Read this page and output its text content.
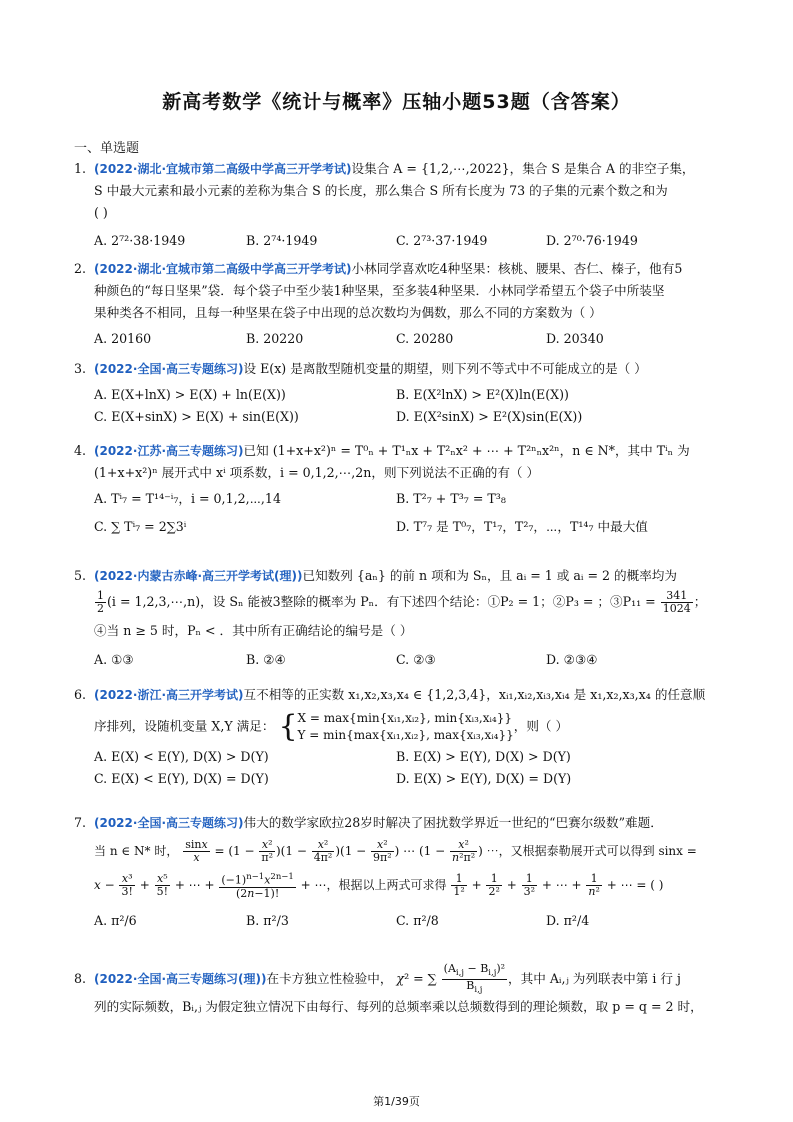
新高考数学《统计与概率》压轴小题53题（含答案）
一、单选题
1. (2022·湖北·宜城市第二高级中学高三开学考试)设集合 A = {1,2,⋯,2022}，集合 S 是集合 A 的非空子集，
S 中最大元素和最小元素的差称为集合 S 的长度，那么集合 S 所有长度为 73 的子集的元素个数之和为
( )
A. 2⁷²·38·1949	B. 2⁷⁴·1949	C. 2⁷³·37·1949	D. 2⁷⁰·76·1949
2. (2022·湖北·宜城市第二高级中学高三开学考试)小林同学喜欢吃4种坚果：核桃、腰果、杏仁、榛子，他有5
种颜色的“每日坚果”袋．每个袋子中至少装1种坚果，至多装4种坚果．小林同学希望五个袋子中所装坚
果种类各不相同，且每一种坚果在袋子中出现的总次数均为偶数，那么不同的方案数为（ ）
A. 20160	B. 20220	C. 20280	D. 20340
3. (2022·全国·高三专题练习)设 E(x) 是离散型随机变量的期望，则下列不等式中不可能成立的是（ ）
A. E(X+lnX) > E(X) + ln(E(X))	B. E(X²lnX) > E²(X)ln(E(X))
C. E(X+sinX) > E(X) + sin(E(X))	D. E(X²sinX) > E²(X)sin(E(X))
4. (2022·江苏·高三专题练习)已知 (1+x+x²)ⁿ = T⁰ₙ + T¹ₙx + T²ₙx² + ⋯ + T²ⁿₙx²ⁿ，n ∈ N*，其中 Tⁱₙ 为
(1+x+x²)ⁿ 展开式中 xⁱ 项系数，i = 0,1,2,⋯,2n，则下列说法不正确的有（ ）
A. Tⁱ₇ = T¹⁴⁻ⁱ₇，i = 0,1,2,⋯,14	B. T²₇ + T³₇ = T³₈
C. ∑ Tⁱ₇ = 2∑3ⁱ	D. T⁷₇ 是 T⁰₇，T¹₇，T²₇，⋯，T¹⁴₇ 中最大值
5. (2022·内蒙古赤峰·高三开学考试(理))已知数列 {aₙ} 的前 n 项和为 Sₙ，且 aᵢ = 1 或 aᵢ = 2 的概率均为
$\frac{1}{2} (i$ = 1,2,3,⋯,n)，设 Sₙ 能被3整除的概率为 Pₙ．有下述四个结论：①P₂ = 1；②P₃ = ；③P₁₁ = $\frac{341}{1024}$ ；
④当 n ≥ 5 时，Pₙ < ．其中所有正确结论的编号是（ ）
A. ①③	B. ②④	C. ②③	D. ②③④
6. (2022·浙江·高三开学考试)互不相等的正实数 x₁,x₂,x₃,x₄ ∈ {1,2,3,4}，xᵢ₁,xᵢ₂,xᵢ₃,xᵢ₄ 是 x₁,x₂,x₃,x₄ 的任意顺
序排列，设随机变量 X,Y 满足： { X = max{min{xᵢ₁,xᵢ₂}, min{xᵢ₃,xᵢ₄}}
Y = min{max{xᵢ₁,xᵢ₂}, max{xᵢ₃,xᵢ₄}}
，则（ ）
A. E(X) < E(Y), D(X) > D(Y)	B. E(X) > E(Y), D(X) > D(Y)
C. E(X) < E(Y), D(X) = D(Y)	D. E(X) > E(Y), D(X) = D(Y)
7. (2022·全国·高三专题练习)伟大的数学家欧拉28岁时解决了困扰数学界近一世纪的“巴赛尔级数”难题．
当 n ∈ N* 时， $\frac{\sin x}{x} = (1 - \frac{\text{x²}}{\text{π²}} )(1 - \frac{\text{x²}}{\text{4π²}} )(1 - \frac{\text{x²}}{\text{9π²}}$ ) ⋯ ($1 - \frac{\text{x²}}{\text{n²π²}}$ ) ⋯，又根据泰勒展开式可以得到 sinx =
$x - \frac{\text{x³}}{3!} + \frac{\text{x⁵}}{5!}$ + ⋯ + $\frac{(-1)^{n-1}x^{2n-1}}{(2n-1)!}$ + ⋯，根据以上两式可求得 $\frac{1}{\text{1²}} + \frac{1}{\text{2²}} + \frac{1}{\text{3²}}$ + ⋯ + $\frac{1}{\text{n²}}$ + ⋯ = ( )
A. π²/6	B. π²/3	C. π²/8	D. π²/4
8. (2022·全国·高三专题练习(理))在卡方独立性检验中， χ² = ∑ $\frac{(A_{i,j} - B_{i,j})^2}{B_{i,j}}$ ，其中 Aᵢ,ⱼ 为列联表中第 i 行 j
列的实际频数，Bᵢ,ⱼ 为假定独立情况下由每行、每列的总频率乘以总频数得到的理论频数，取 p = q = 2 时，
第1/39页
